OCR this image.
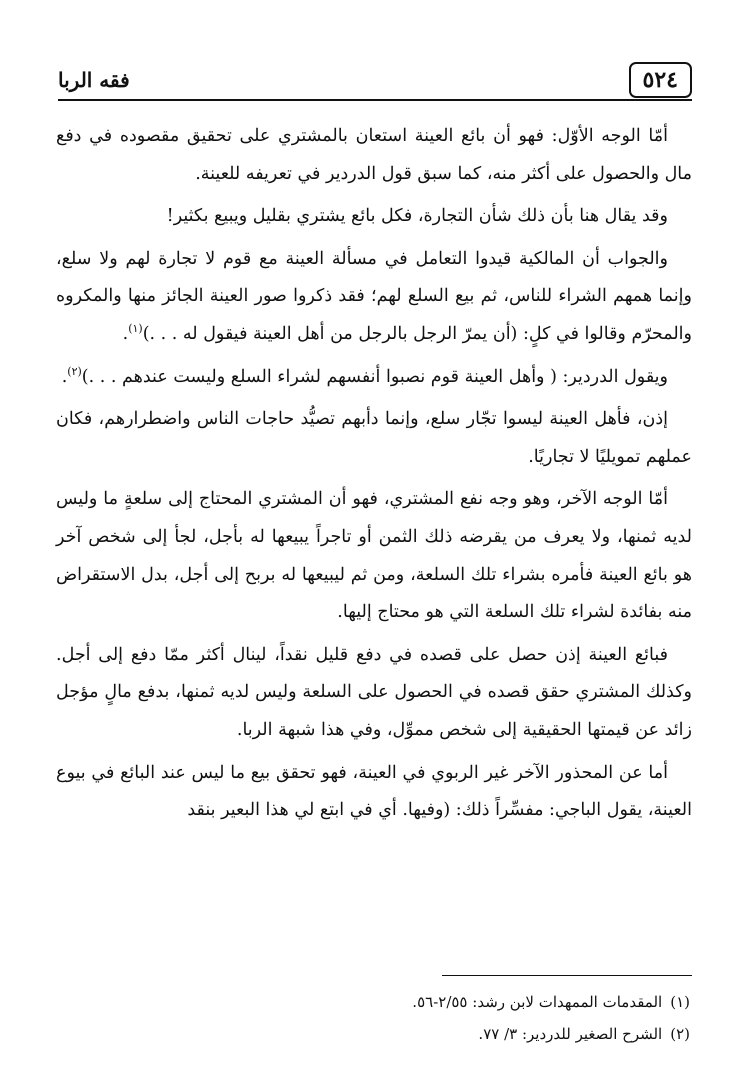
٥٢٤
فقه الربا

أمّا الوجه الأوّل: فهو أن بائع العينة استعان بالمشتري على تحقيق مقصوده في دفع مال والحصول على أكثر منه، كما سبق قول الدردير في تعريفه للعينة.

وقد يقال هنا بأن ذلك شأن التجارة، فكل بائع يشتري بقليل ويبيع بكثير!

والجواب أن المالكية قيدوا التعامل في مسألة العينة مع قوم لا تجارة لهم ولا سلع، وإنما همهم الشراء للناس، ثم بيع السلع لهم؛ فقد ذكروا صور العينة الجائز منها والمكروه والمحرّم وقالوا في كلٍ: (أن يمرّ الرجل بالرجل من أهل العينة فيقول له . . .)$^{(١)}$.

ويقول الدردير: ( وأهل العينة قوم نصبوا أنفسهم لشراء السلع وليست عندهم . . .)$^{(٢)}$.

إذن، فأهل العينة ليسوا تجّار سلع، وإنما دأبهم تصيُّد حاجات الناس واضطرارهم، فكان عملهم تمويليًا لا تجاريًا.

أمّا الوجه الآخر، وهو وجه نفع المشتري، فهو أن المشتري المحتاج إلى سلعةٍ ما وليس لديه ثمنها، ولا يعرف من يقرضه ذلك الثمن أو تاجراً يبيعها له بأجل، لجأ إلى شخص آخر هو بائع العينة فأمره بشراء تلك السلعة، ومن ثم ليبيعها له بربح إلى أجل، بدل الاستقراض منه بفائدة لشراء تلك السلعة التي هو محتاج إليها.

فبائع العينة إذن حصل على قصده في دفع قليل نقداً، لينال أكثر ممّا دفع إلى أجل. وكذلك المشتري حقق قصده في الحصول على السلعة وليس لديه ثمنها، بدفع مالٍ مؤجل زائد عن قيمتها الحقيقية إلى شخص مموِّل، وفي هذا شبهة الربا.

أما عن المحذور الآخر غير الربوي في العينة، فهو تحقق بيع ما ليس عند البائع في بيوع العينة، يقول الباجي: مفسِّراً ذلك: (وفيها. أي في ابتع لي هذا البعير بنقد

(١)
المقدمات الممهدات لابن رشد: ٢/٥٥-٥٦.
(٢)
الشرح الصغير للدردير: ٣/ ٧٧.
